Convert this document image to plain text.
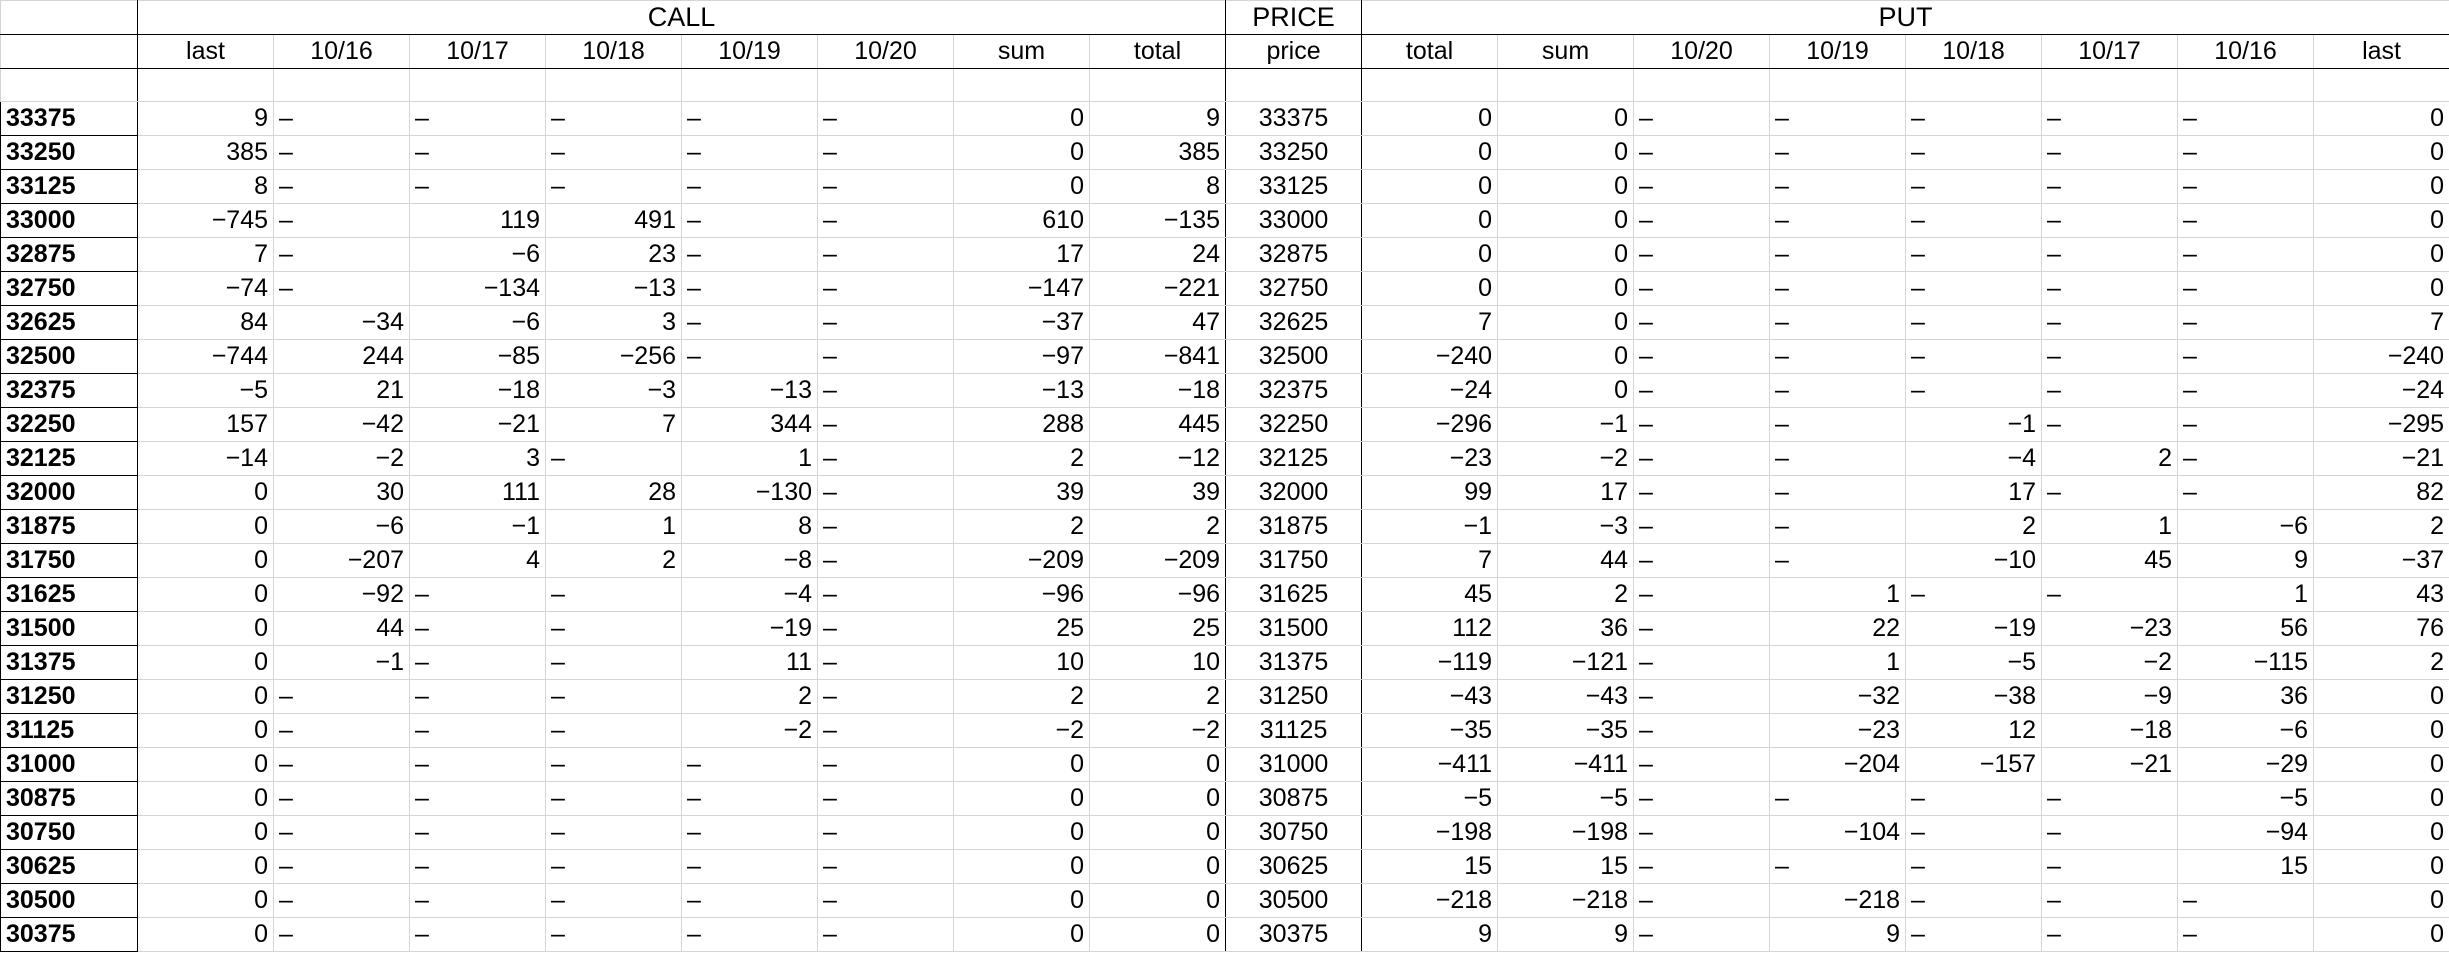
	CALL								PRICE	PUT							
	last	10/16	10/17	10/18	10/19	10/20	sum	total	price	total	sum	10/20	10/19	10/18	10/17	10/16	last

33375	9	–	–	–	–	–	0	9	33375	0	0	–	–	–	–	–	0
33250	385	–	–	–	–	–	0	385	33250	0	0	–	–	–	–	–	0
33125	8	–	–	–	–	–	0	8	33125	0	0	–	–	–	–	–	0
33000	−745	–	119	491	–	–	610	−135	33000	0	0	–	–	–	–	–	0
32875	7	–	−6	23	–	–	17	24	32875	0	0	–	–	–	–	–	0
32750	−74	–	−134	−13	–	–	−147	−221	32750	0	0	–	–	–	–	–	0
32625	84	−34	−6	3	–	–	−37	47	32625	7	0	–	–	–	–	–	7
32500	−744	244	−85	−256	–	–	−97	−841	32500	−240	0	–	–	–	–	–	−240
32375	−5	21	−18	−3	−13	–	−13	−18	32375	−24	0	–	–	–	–	–	−24
32250	157	−42	−21	7	344	–	288	445	32250	−296	−1	–	–	−1	–	–	−295
32125	−14	−2	3	–	1	–	2	−12	32125	−23	−2	–	–	−4	2	–	−21
32000	0	30	111	28	−130	–	39	39	32000	99	17	–	–	17	–	–	82
31875	0	−6	−1	1	8	–	2	2	31875	−1	−3	–	–	2	1	−6	2
31750	0	−207	4	2	−8	–	−209	−209	31750	7	44	–	–	−10	45	9	−37
31625	0	−92	–	–	−4	–	−96	−96	31625	45	2	–	1	–	–	1	43
31500	0	44	–	–	−19	–	25	25	31500	112	36	–	22	−19	−23	56	76
31375	0	−1	–	–	11	–	10	10	31375	−119	−121	–	1	−5	−2	−115	2
31250	0	–	–	–	2	–	2	2	31250	−43	−43	–	−32	−38	−9	36	0
31125	0	–	–	–	−2	–	−2	−2	31125	−35	−35	–	−23	12	−18	−6	0
31000	0	–	–	–	–	–	0	0	31000	−411	−411	–	−204	−157	−21	−29	0
30875	0	–	–	–	–	–	0	0	30875	−5	−5	–	–	–	–	−5	0
30750	0	–	–	–	–	–	0	0	30750	−198	−198	–	−104	–	–	−94	0
30625	0	–	–	–	–	–	0	0	30625	15	15	–	–	–	–	15	0
30500	0	–	–	–	–	–	0	0	30500	−218	−218	–	−218	–	–	–	0
30375	0	–	–	–	–	–	0	0	30375	9	9	–	9	–	–	–	0
